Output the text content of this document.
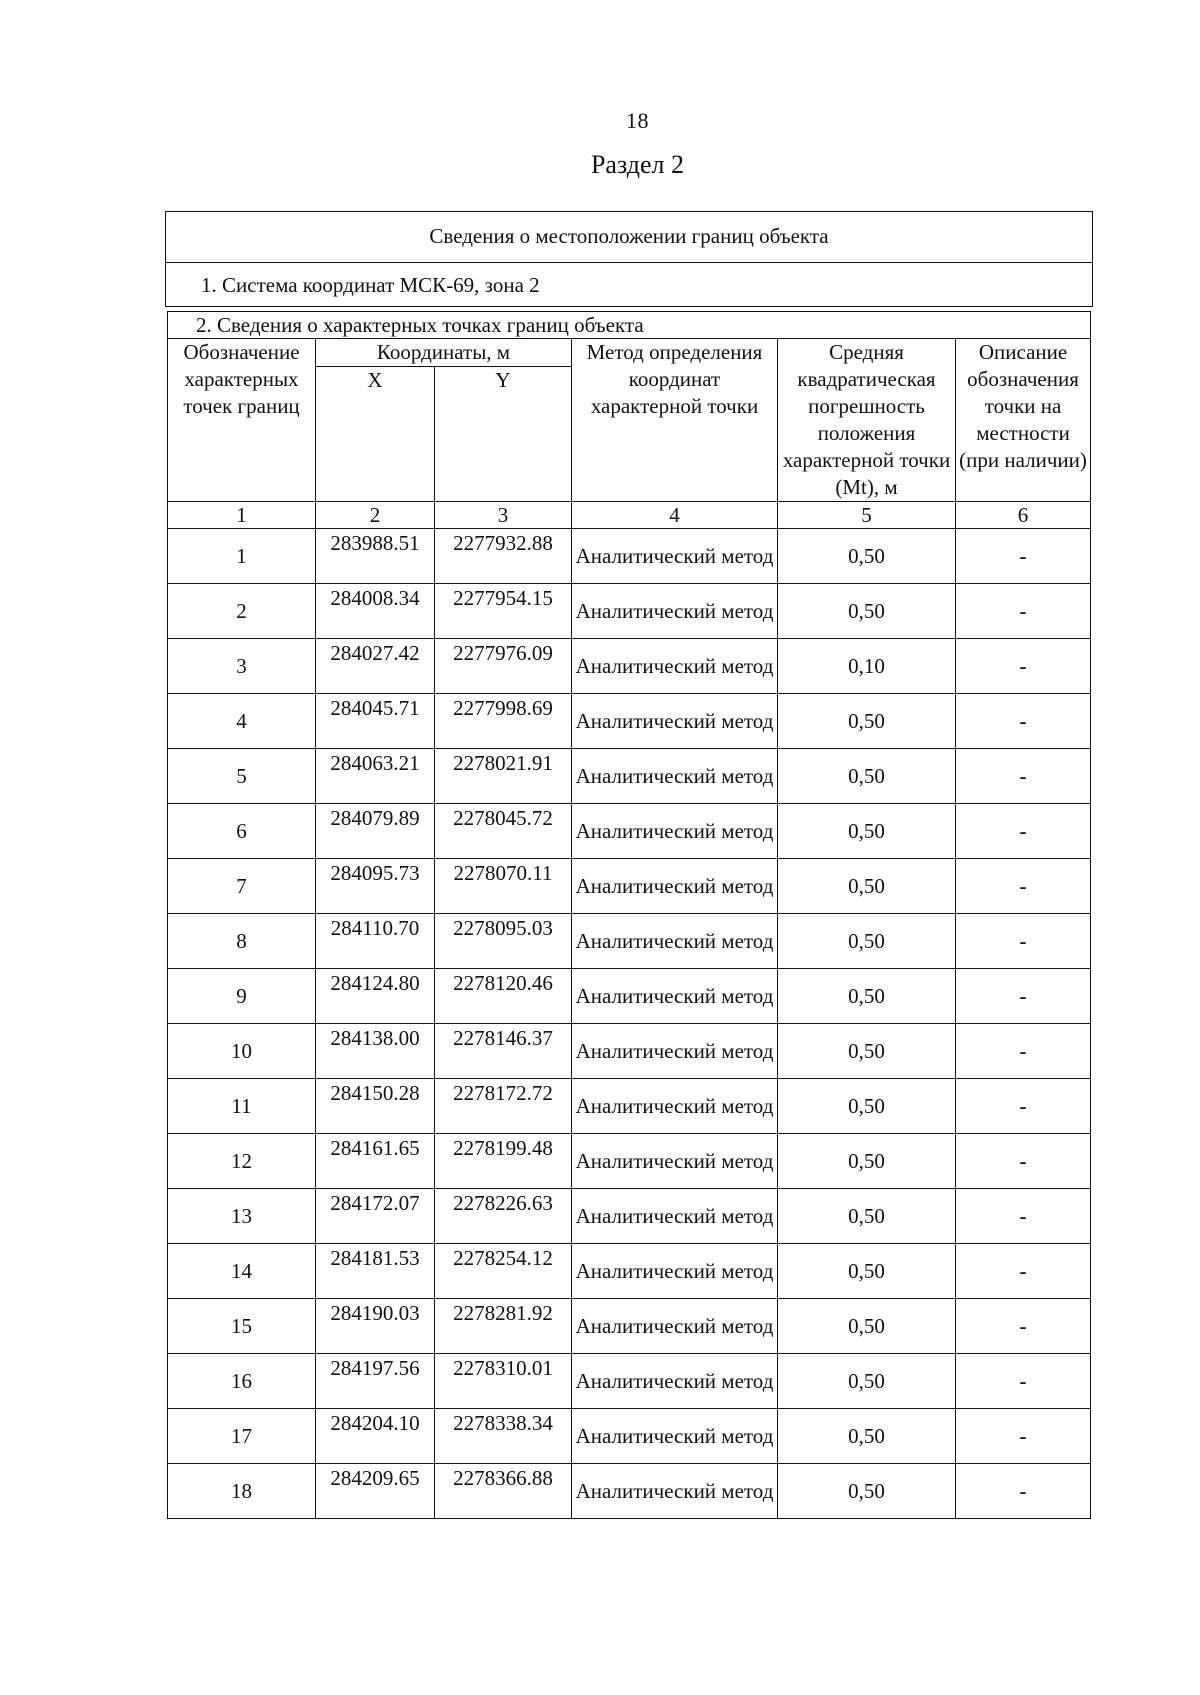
18
Раздел 2
Сведения о местоположении границ объекта
1. Система координат МСК-69, зона 2
2. Сведения о характерных точках границ объекта					
Обозначение характерных точек границ	Координаты, м		Метод определения координат характерной точки	Средняя квадратическая погрешность положения характерной точки (Mt), м	Описание обозначения точки на местности (при наличии)
	X	Y			
1	2	3	4	5	6
1	283988.51	2277932.88	Аналитический метод	0,50	-
2	284008.34	2277954.15	Аналитический метод	0,50	-
3	284027.42	2277976.09	Аналитический метод	0,10	-
4	284045.71	2277998.69	Аналитический метод	0,50	-
5	284063.21	2278021.91	Аналитический метод	0,50	-
6	284079.89	2278045.72	Аналитический метод	0,50	-
7	284095.73	2278070.11	Аналитический метод	0,50	-
8	284110.70	2278095.03	Аналитический метод	0,50	-
9	284124.80	2278120.46	Аналитический метод	0,50	-
10	284138.00	2278146.37	Аналитический метод	0,50	-
11	284150.28	2278172.72	Аналитический метод	0,50	-
12	284161.65	2278199.48	Аналитический метод	0,50	-
13	284172.07	2278226.63	Аналитический метод	0,50	-
14	284181.53	2278254.12	Аналитический метод	0,50	-
15	284190.03	2278281.92	Аналитический метод	0,50	-
16	284197.56	2278310.01	Аналитический метод	0,50	-
17	284204.10	2278338.34	Аналитический метод	0,50	-
18	284209.65	2278366.88	Аналитический метод	0,50	-
